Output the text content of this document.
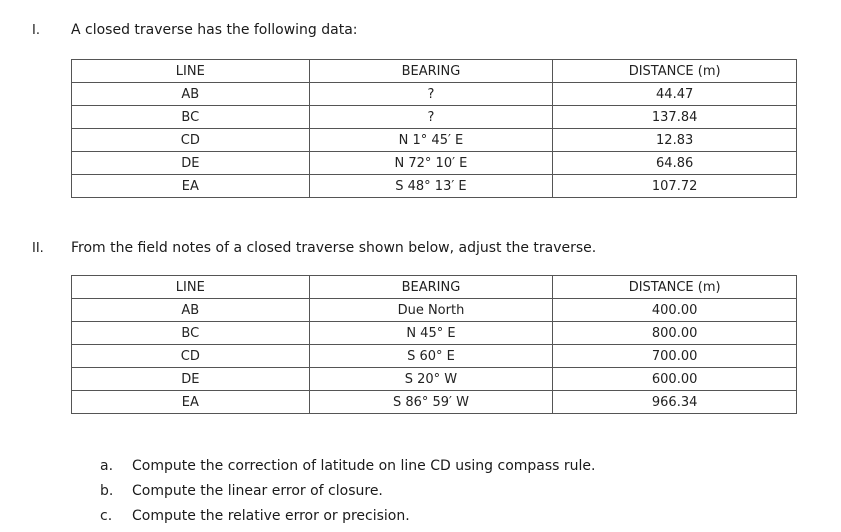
I. A closed traverse has the following data:
LINE	BEARING	DISTANCE (m)
AB	?	44.47
BC	?	137.84
CD	N 1° 45′ E	12.83
DE	N 72° 10′ E	64.86
EA	S 48° 13′ E	107.72
II. From the field notes of a closed traverse shown below, adjust the traverse.
LINE	BEARING	DISTANCE (m)
AB	Due North	400.00
BC	N 45° E	800.00
CD	S 60° E	700.00
DE	S 20° W	600.00
EA	S 86° 59′ W	966.34
a. Compute the correction of latitude on line CD using compass rule.
b. Compute the linear error of closure.
c. Compute the relative error or precision.
